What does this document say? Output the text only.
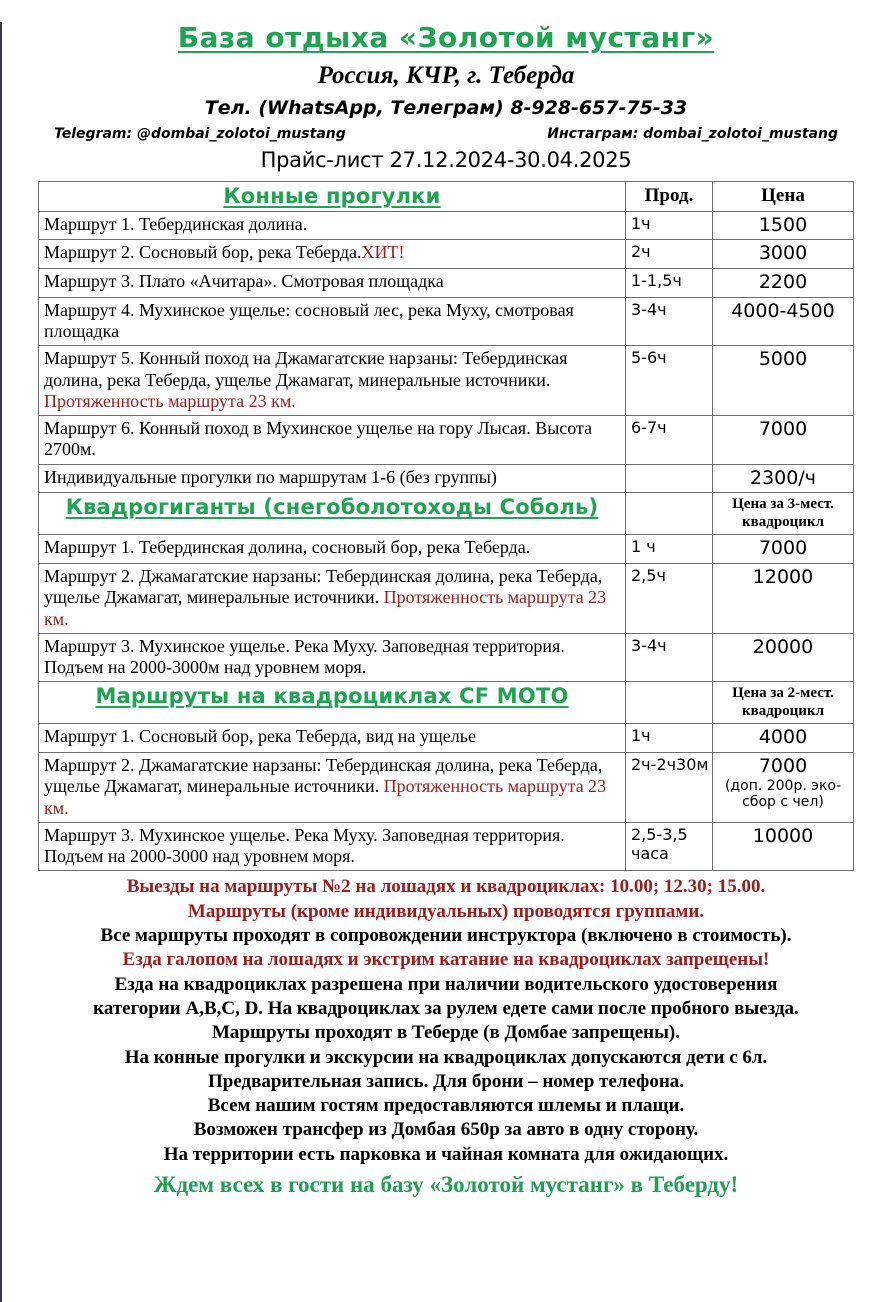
База отдыха «Золотой мустанг»
Россия, КЧР, г. Теберда
Тел. (WhatsApp, Телеграм) 8-928-657-75-33
Telegram: @dombai_zolotoi_mustang	Инстаграм: dombai_zolotoi_mustang
Прайс-лист 27.12.2024-30.04.2025
Конные прогулки	Прод.	Цена
Маршрут 1. Тебердинская долина.	1ч	1500
Маршрут 2. Сосновый бор, река Теберда.ХИТ!	2ч	3000
Маршрут 3. Плато «Ачитара». Смотровая площадка	1-1,5ч	2200
Маршрут 4. Мухинское ущелье: сосновый лес, река Муху, смотровая площадка	3-4ч	4000-4500
Маршрут 5. Конный поход на Джамагатские нарзаны: Тебердинская долина, река Теберда, ущелье Джамагат, минеральные источники. Протяженность маршрута 23 км.	5-6ч	5000
Маршрут 6. Конный поход в Мухинское ущелье на гору Лысая. Высота 2700м.	6-7ч	7000
Индивидуальные прогулки по маршрутам 1-6 (без группы)		2300/ч
Квадрогиганты (снегоболотоходы Соболь)		Цена за 3-мест. квадроцикл
Маршрут 1. Тебердинская долина, сосновый бор, река Теберда.	1 ч	7000
Маршрут 2. Джамагатские нарзаны: Тебердинская долина, река Теберда, ущелье Джамагат, минеральные источники. Протяженность маршрута 23 км.	2,5ч	12000
Маршрут 3. Мухинское ущелье. Река Муху. Заповедная территория. Подъем на 2000-3000м над уровнем моря.	3-4ч	20000
Маршруты на квадроциклах CF MOTO		Цена за 2-мест. квадроцикл
Маршрут 1. Сосновый бор, река Теберда, вид на ущелье	1ч	4000
Маршрут 2. Джамагатские нарзаны: Тебердинская долина, река Теберда, ущелье Джамагат, минеральные источники. Протяженность маршрута 23 км.	2ч-2ч30м	7000
(доп. 200р. эко-сбор с чел)

Маршрут 3. Мухинское ущелье. Река Муху. Заповедная территория. Подъем на 2000-3000 над уровнем моря.	2,5-3,5 часа	10000
Выезды на маршруты №2 на лошадях и квадроциклах: 10.00; 12.30; 15.00.
Маршруты (кроме индивидуальных) проводятся группами.
Все маршруты проходят в сопровождении инструктора (включено в стоимость).
Езда галопом на лошадях и экстрим катание на квадроциклах запрещены!
Езда на квадроциклах разрешена при наличии водительского удостоверения
категории А,В,С, D. На квадроциклах за рулем едете сами после пробного выезда.
Маршруты проходят в Теберде (в Домбае запрещены).
На конные прогулки и экскурсии на квадроциклах допускаются дети с 6л.
Предварительная запись. Для брони – номер телефона.
Всем нашим гостям предоставляются шлемы и плащи.
Возможен трансфер из Домбая 650р за авто в одну сторону.
На территории есть парковка и чайная комната для ожидающих.
Ждем всех в гости на базу «Золотой мустанг» в Теберду!
